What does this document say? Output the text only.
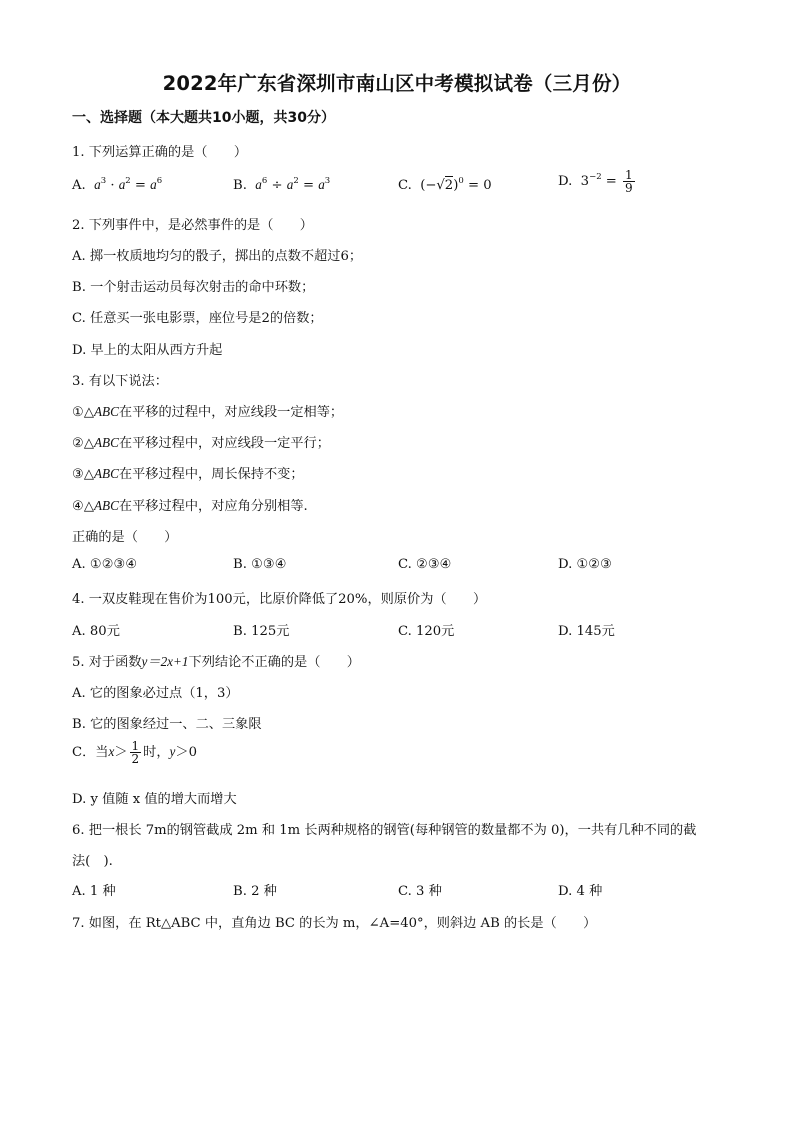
2022年广东省深圳市南山区中考模拟试卷（三月份）
一、选择题（本大题共10小题，共30分）
1. 下列运算正确的是（　　）
A. $a^3 \cdot a^2 = a^6$	B. $a^6 \div a^2 = a^3$	C.  $(-√2)^0 = 0$	D.  $3^{-2} = \frac{1}{9}$
2. 下列事件中，是必然事件的是（　　）
A. 掷一枚质地均匀的骰子，掷出的点数不超过6；
B. 一个射击运动员每次射击的命中环数；
C. 任意买一张电影票，座位号是2的倍数；
D. 早上的太阳从西方升起
3. 有以下说法：
①△ABC在平移的过程中，对应线段一定相等；
②△ABC在平移过程中，对应线段一定平行；
③△ABC在平移过程中，周长保持不变；
④△ABC在平移过程中，对应角分别相等.
正确的是（　　）
A. ①②③④	B. ①③④	C. ②③④	D. ①②③
4. 一双皮鞋现在售价为100元，比原价降低了20%，则原价为（　　）
A. 80元	B. 125元	C. 120元	D. 145元
5. 对于函数y＝2x+1下列结论不正确的是（　　）
A. 它的图象必过点（1，3）
B. 它的图象经过一、二、三象限
C．当$x> \frac{1}{2}$ 时，y＞0
D. y 值随 x 值的增大而增大
6. 把一根长 7m的钢管截成 2m 和 1m 长两种规格的钢管(每种钢管的数量都不为 0)，一共有几种不同的截
法(　).
A. 1 种	B. 2 种	C. 3 种	D. 4 种
7. 如图，在 Rt△ABC 中，直角边 BC 的长为 m，∠A=40°，则斜边 AB 的长是（　　）
